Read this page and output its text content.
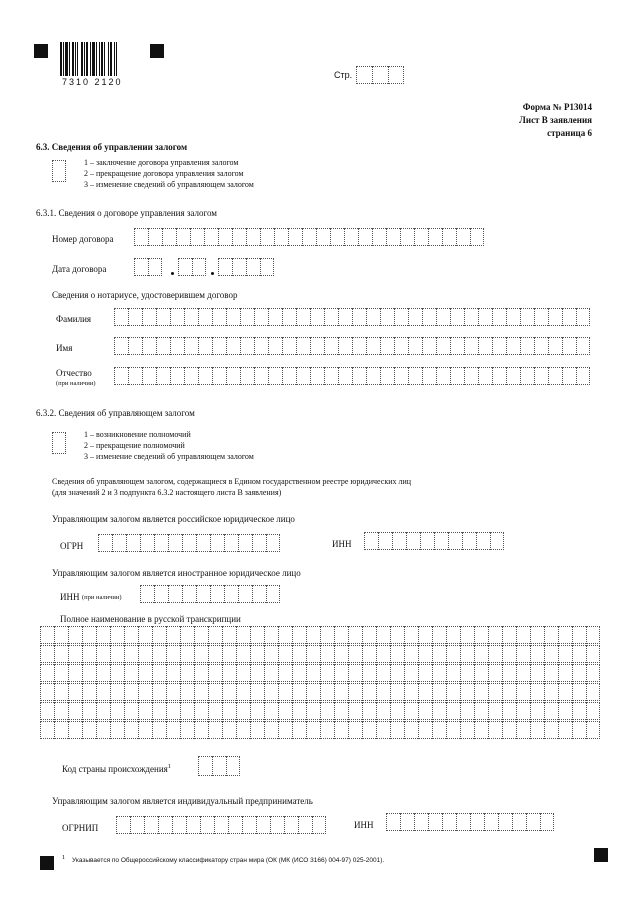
7310 2120
Стр.
Форма № Р13014
Лист В заявления
страница 6
6.3. Сведения об управлении залогом
1 – заключение договора управления залогом
2 – прекращение договора управления залогом
3 – изменение сведений об управляющем залогом
6.3.1. Сведения о договоре управления залогом
Номер договора
Дата договора
Сведения о нотариусе, удостоверившем договор
Фамилия
Имя
Отчество
(при наличии)
6.3.2. Сведения об управляющем залогом
1 – возникновение полномочий
2 – прекращение полномочий
3 – изменение сведений об управляющем залогом
Сведения об управляющем залогом, содержащиеся в Едином государственном реестре юридических лиц
(для значений 2 и 3 подпункта 6.3.2 настоящего листа В заявления)
Управляющим залогом является российское юридическое лицо
ОГРН	ИНН
Управляющим залогом является иностранное юридическое лицо
ИНН (при наличии)
Полное наименование в русской транскрипции
Код страны происхождения$^1$
Управляющим залогом является индивидуальный предприниматель
ОГРНИП	ИНН
1 Указывается по Общероссийскому классификатору стран мира (ОК (МК (ИСО 3166) 004-97) 025-2001).
